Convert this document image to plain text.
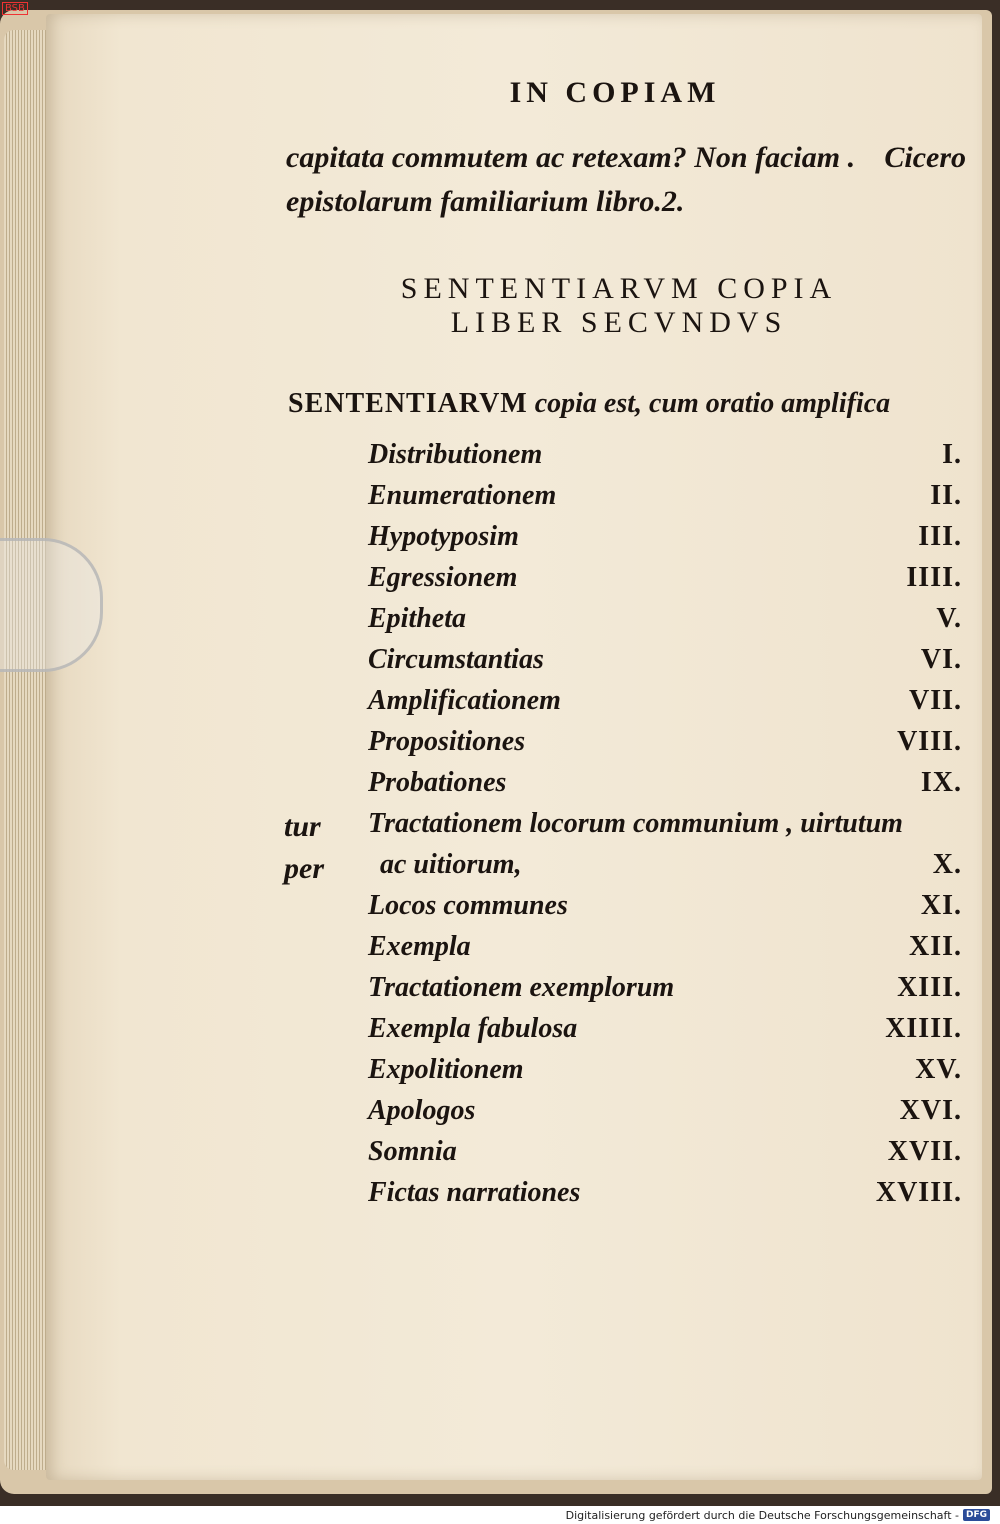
BSB
IN COPIAM
capitata commutem ac retexam? Non faciam . Cicero
epistolarum familiarium libro.2.
SENTENTIARVM COPIA
LIBER SECVNDVS
SENTENTIARVM copia est, cum oratio amplifica
tur
per
Distributionem	I.
Enumerationem	II.
Hypotyposim	III.
Egressionem	IIII.
Epitheta	V.
Circumstantias	VI.
Amplificationem	VII.
Propositiones	VIII.
Probationes	IX.
Tractationem locorum communium , uirtutum
ac uitiorum,	X.
Locos communes	XI.
Exempla	XII.
Tractationem exemplorum	XIII.
Exempla fabulosa	XIIII.
Expolitionem	XV.
Apologos	XVI.
Somnia	XVII.
Fictas narrationes	XVIII.
Digitalisierung gefördert durch die Deutsche Forschungsgemeinschaft - DFG
